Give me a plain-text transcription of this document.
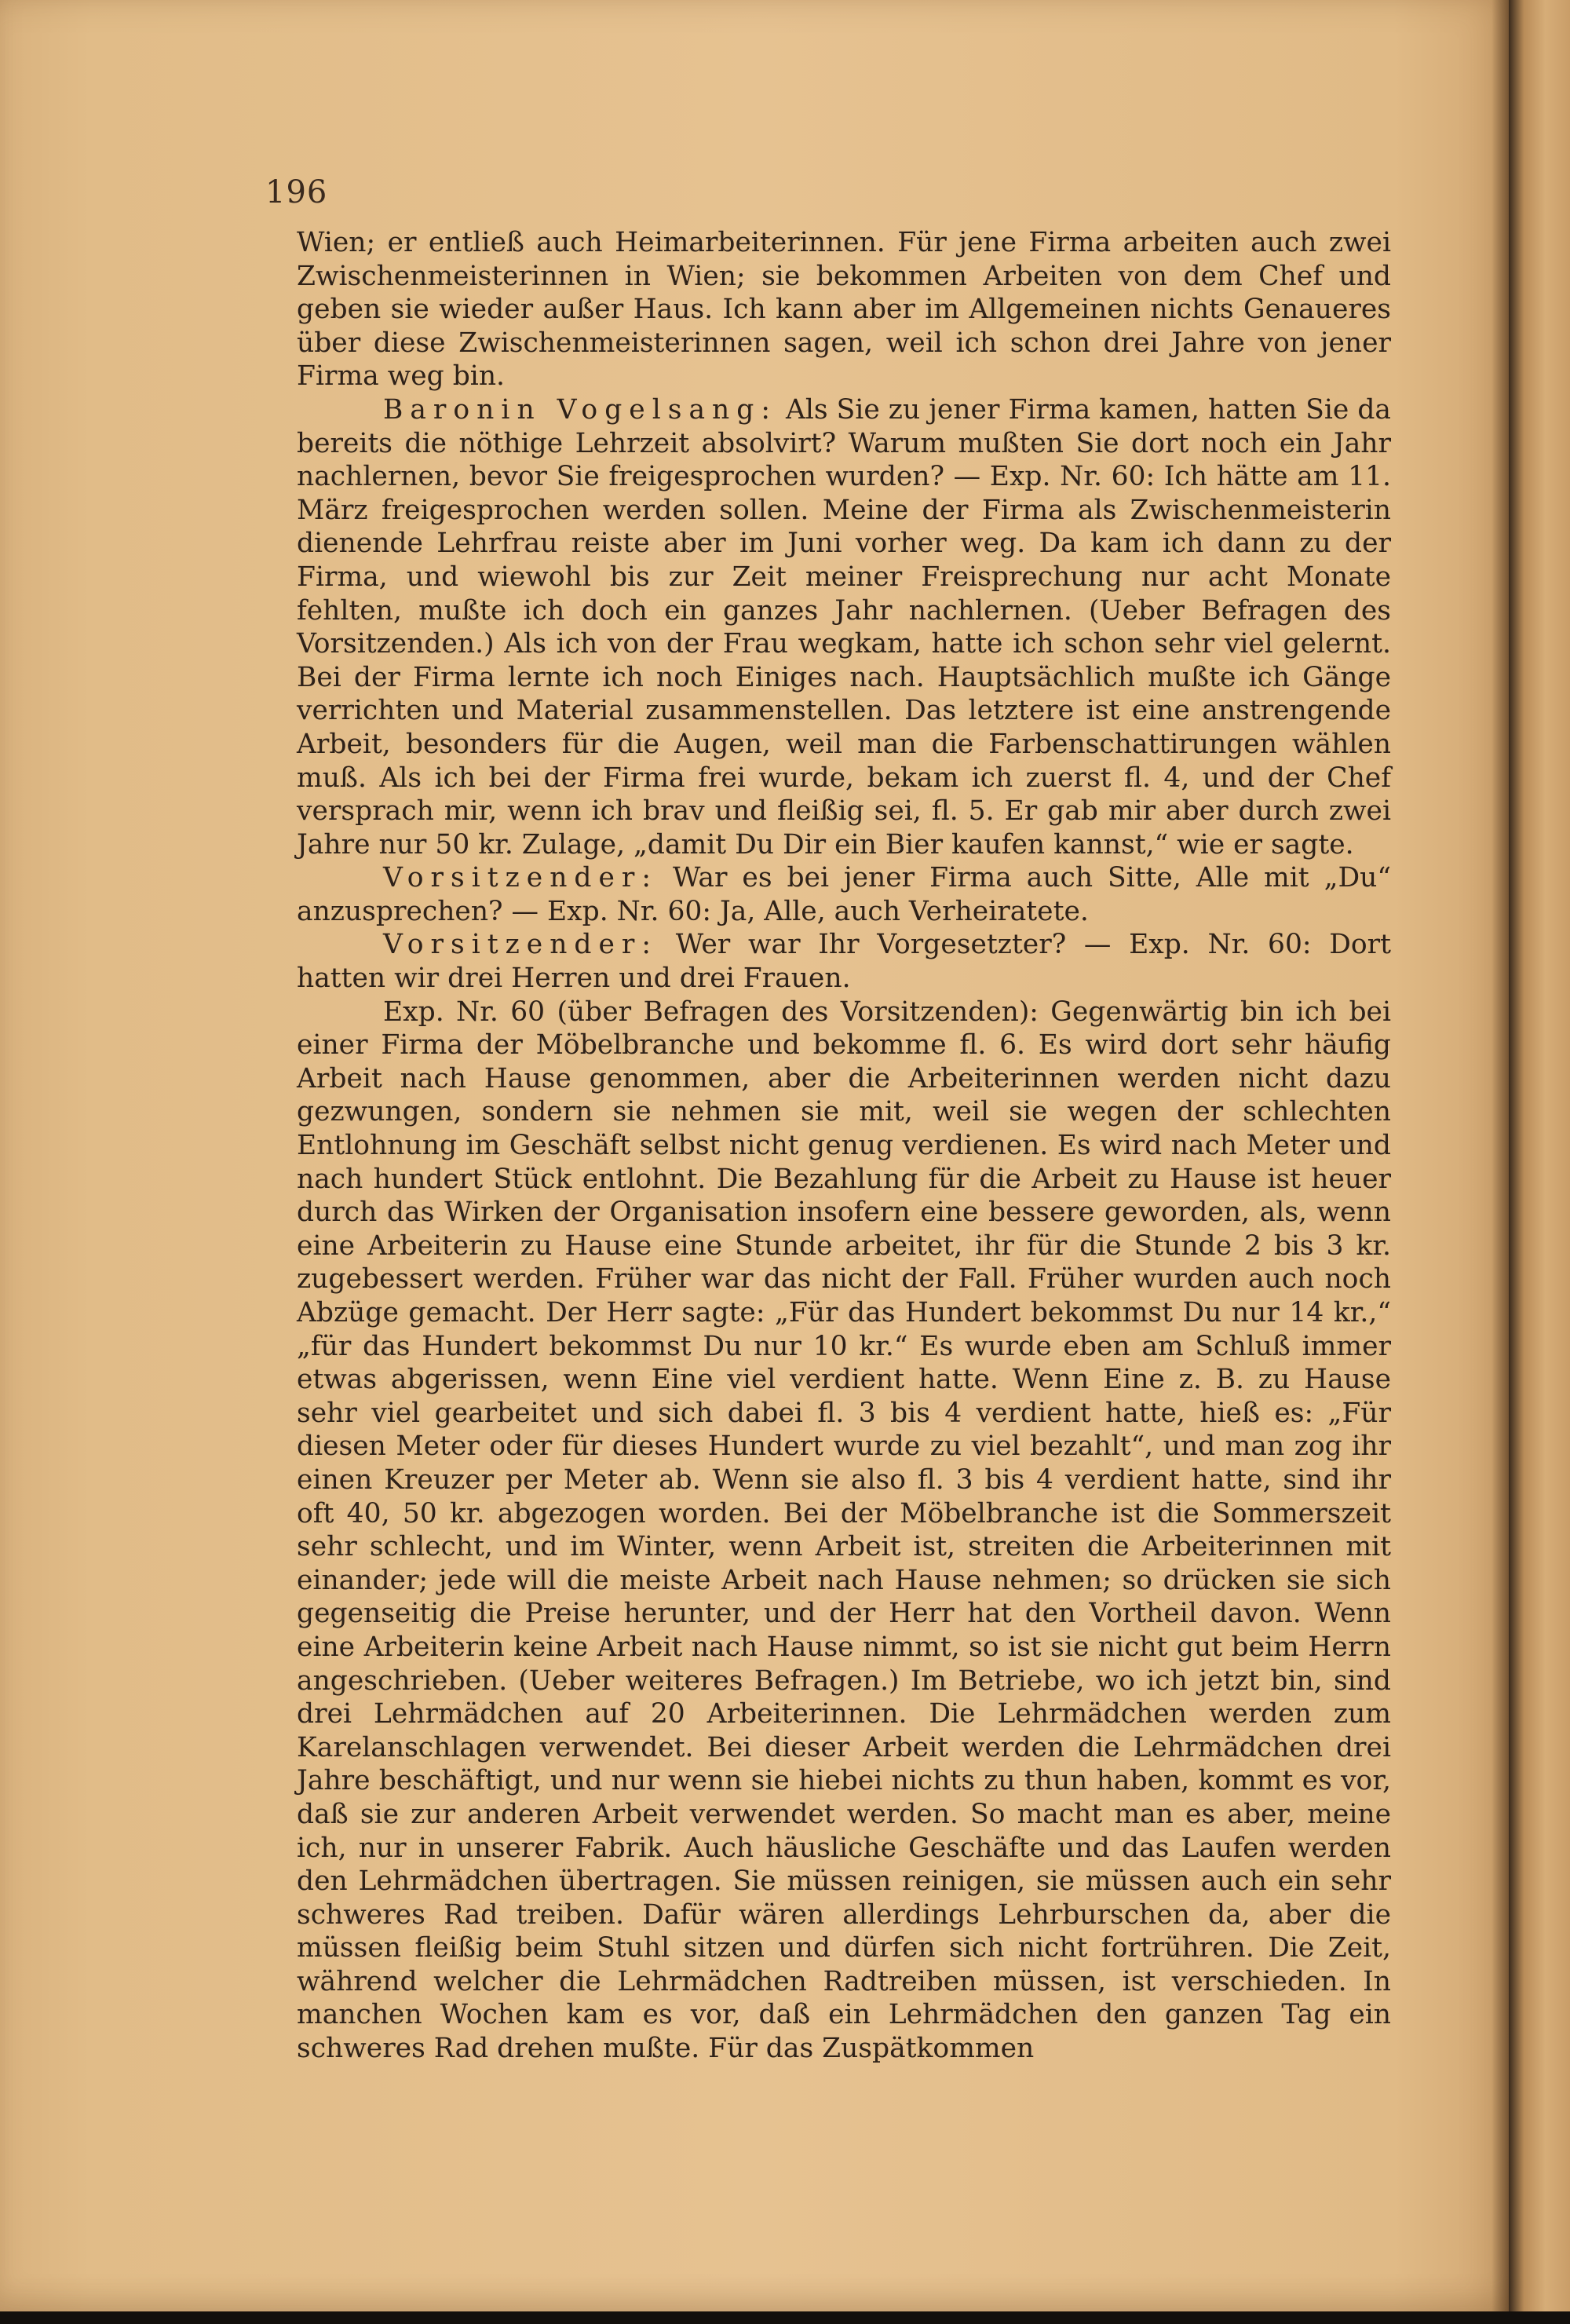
196

Wien; er entließ auch Heimarbeiterinnen. Für jene Firma arbeiten auch zwei Zwischenmeisterinnen in Wien; sie bekommen Arbeiten von dem Chef und geben sie wieder außer Haus. Ich kann aber im Allgemeinen nichts Genaueres über diese Zwischenmeisterinnen sagen, weil ich schon drei Jahre von jener Firma weg bin.

Baronin Vogelsang: Als Sie zu jener Firma kamen, hatten Sie da bereits die nöthige Lehrzeit absolvirt? Warum mußten Sie dort noch ein Jahr nachlernen, bevor Sie freigesprochen wurden? — Exp. Nr. 60: Ich hätte am 11. März freigesprochen werden sollen. Meine der Firma als Zwischenmeisterin dienende Lehrfrau reiste aber im Juni vorher weg. Da kam ich dann zu der Firma, und wiewohl bis zur Zeit meiner Freisprechung nur acht Monate fehlten, mußte ich doch ein ganzes Jahr nachlernen. (Ueber Befragen des Vorsitzenden.) Als ich von der Frau wegkam, hatte ich schon sehr viel gelernt. Bei der Firma lernte ich noch Einiges nach. Hauptsächlich mußte ich Gänge verrichten und Material zusammenstellen. Das letztere ist eine anstrengende Arbeit, besonders für die Augen, weil man die Farbenschattirungen wählen muß. Als ich bei der Firma frei wurde, bekam ich zuerst fl. 4, und der Chef versprach mir, wenn ich brav und fleißig sei, fl. 5. Er gab mir aber durch zwei Jahre nur 50 kr. Zulage, „damit Du Dir ein Bier kaufen kannst,“ wie er sagte.

Vorsitzender: War es bei jener Firma auch Sitte, Alle mit „Du“ anzusprechen? — Exp. Nr. 60: Ja, Alle, auch Verheiratete.

Vorsitzender: Wer war Ihr Vorgesetzter? — Exp. Nr. 60: Dort hatten wir drei Herren und drei Frauen.

Exp. Nr. 60 (über Befragen des Vorsitzenden): Gegenwärtig bin ich bei einer Firma der Möbelbranche und bekomme fl. 6. Es wird dort sehr häufig Arbeit nach Hause genommen, aber die Arbeiterinnen werden nicht dazu gezwungen, sondern sie nehmen sie mit, weil sie wegen der schlechten Entlohnung im Geschäft selbst nicht genug verdienen. Es wird nach Meter und nach hundert Stück entlohnt. Die Bezahlung für die Arbeit zu Hause ist heuer durch das Wirken der Organisation insofern eine bessere geworden, als, wenn eine Arbeiterin zu Hause eine Stunde arbeitet, ihr für die Stunde 2 bis 3 kr. zugebessert werden. Früher war das nicht der Fall. Früher wurden auch noch Abzüge gemacht. Der Herr sagte: „Für das Hundert bekommst Du nur 14 kr.,“ „für das Hundert bekommst Du nur 10 kr.“ Es wurde eben am Schluß immer etwas abgerissen, wenn Eine viel verdient hatte. Wenn Eine z. B. zu Hause sehr viel gearbeitet und sich dabei fl. 3 bis 4 verdient hatte, hieß es: „Für diesen Meter oder für dieses Hundert wurde zu viel bezahlt“, und man zog ihr einen Kreuzer per Meter ab. Wenn sie also fl. 3 bis 4 verdient hatte, sind ihr oft 40, 50 kr. abgezogen worden. Bei der Möbelbranche ist die Sommerszeit sehr schlecht, und im Winter, wenn Arbeit ist, streiten die Arbeiterinnen mit einander; jede will die meiste Arbeit nach Hause nehmen; so drücken sie sich gegenseitig die Preise herunter, und der Herr hat den Vortheil davon. Wenn eine Arbeiterin keine Arbeit nach Hause nimmt, so ist sie nicht gut beim Herrn angeschrieben. (Ueber weiteres Befragen.) Im Betriebe, wo ich jetzt bin, sind drei Lehrmädchen auf 20 Arbeiterinnen. Die Lehrmädchen werden zum Karelanschlagen verwendet. Bei dieser Arbeit werden die Lehrmädchen drei Jahre beschäftigt, und nur wenn sie hiebei nichts zu thun haben, kommt es vor, daß sie zur anderen Arbeit verwendet werden. So macht man es aber, meine ich, nur in unserer Fabrik. Auch häusliche Geschäfte und das Laufen werden den Lehrmädchen übertragen. Sie müssen reinigen, sie müssen auch ein sehr schweres Rad treiben. Dafür wären allerdings Lehrburschen da, aber die müssen fleißig beim Stuhl sitzen und dürfen sich nicht fortrühren. Die Zeit, während welcher die Lehrmädchen Radtreiben müssen, ist verschieden. In manchen Wochen kam es vor, daß ein Lehrmädchen den ganzen Tag ein schweres Rad drehen mußte. Für das Zuspätkommen
